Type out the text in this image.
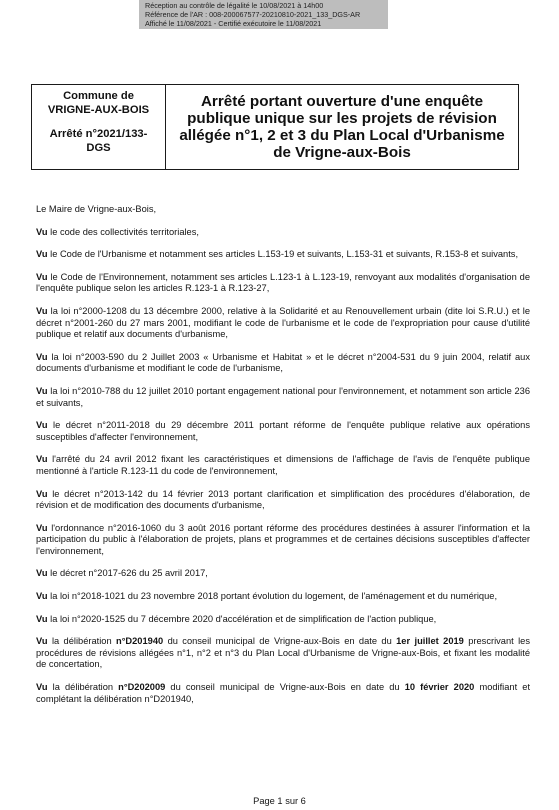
Réception au contrôle de légalité le 10/08/2021 à 14h00
Référence de l'AR : 008-200067577-20210810-2021_133_DGS-AR
Affiché le 11/08/2021 - Certifié exécutoire le 11/08/2021
Commune de
VRIGNE-AUX-BOIS
Arrêté n°2021/133-
DGS
Arrêté portant ouverture d'une enquête publique unique sur les projets de révision allégée n°1, 2 et 3 du Plan Local d'Urbanisme de Vrigne-aux-Bois

Le Maire de Vrigne-aux-Bois,

Vu le code des collectivités territoriales,

Vu le Code de l'Urbanisme et notamment ses articles L.153-19 et suivants, L.153-31 et suivants, R.153-8 et suivants,

Vu le Code de l'Environnement, notamment ses articles L.123-1 à L.123-19, renvoyant aux modalités d'organisation de l'enquête publique selon les articles R.123-1 à R.123-27,

Vu la loi n°2000-1208 du 13 décembre 2000, relative à la Solidarité et au Renouvellement urbain (dite loi S.R.U.) et le décret n°2001-260 du 27 mars 2001, modifiant le code de l'urbanisme et le code de l'expropriation pour cause d'utilité publique et relatif aux documents d'urbanisme,

Vu la loi n°2003-590 du 2 Juillet 2003 « Urbanisme et Habitat » et le décret n°2004-531 du 9 juin 2004, relatif aux documents d'urbanisme et modifiant le code de l'urbanisme,

Vu la loi n°2010-788 du 12 juillet 2010 portant engagement national pour l'environnement, et notamment son article 236 et suivants,

Vu le décret n°2011-2018 du 29 décembre 2011 portant réforme de l'enquête publique relative aux opérations susceptibles d'affecter l'environnement,

Vu l'arrêté du 24 avril 2012 fixant les caractéristiques et dimensions de l'affichage de l'avis de l'enquête publique mentionné à l'article R.123-11 du code de l'environnement,

Vu le décret n°2013-142 du 14 février 2013 portant clarification et simplification des procédures d'élaboration, de révision et de modification des documents d'urbanisme,

Vu l'ordonnance n°2016-1060 du 3 août 2016 portant réforme des procédures destinées à assurer l'information et la participation du public à l'élaboration de projets, plans et programmes et de certaines décisions susceptibles d'affecter l'environnement,

Vu le décret n°2017-626 du 25 avril 2017,

Vu la loi n°2018-1021 du 23 novembre 2018 portant évolution du logement, de l'aménagement et du numérique,

Vu la loi n°2020-1525 du 7 décembre 2020 d'accélération et de simplification de l'action publique,

Vu la délibération n°D201940 du conseil municipal de Vrigne-aux-Bois en date du 1er juillet 2019 prescrivant les procédures de révisions allégées n°1, n°2 et n°3 du Plan Local d'Urbanisme de Vrigne-aux-Bois, et fixant les modalité de concertation,

Vu la délibération n°D202009 du conseil municipal de Vrigne-aux-Bois en date du 10 février 2020 modifiant et complétant la délibération n°D201940,

Page 1 sur 6
